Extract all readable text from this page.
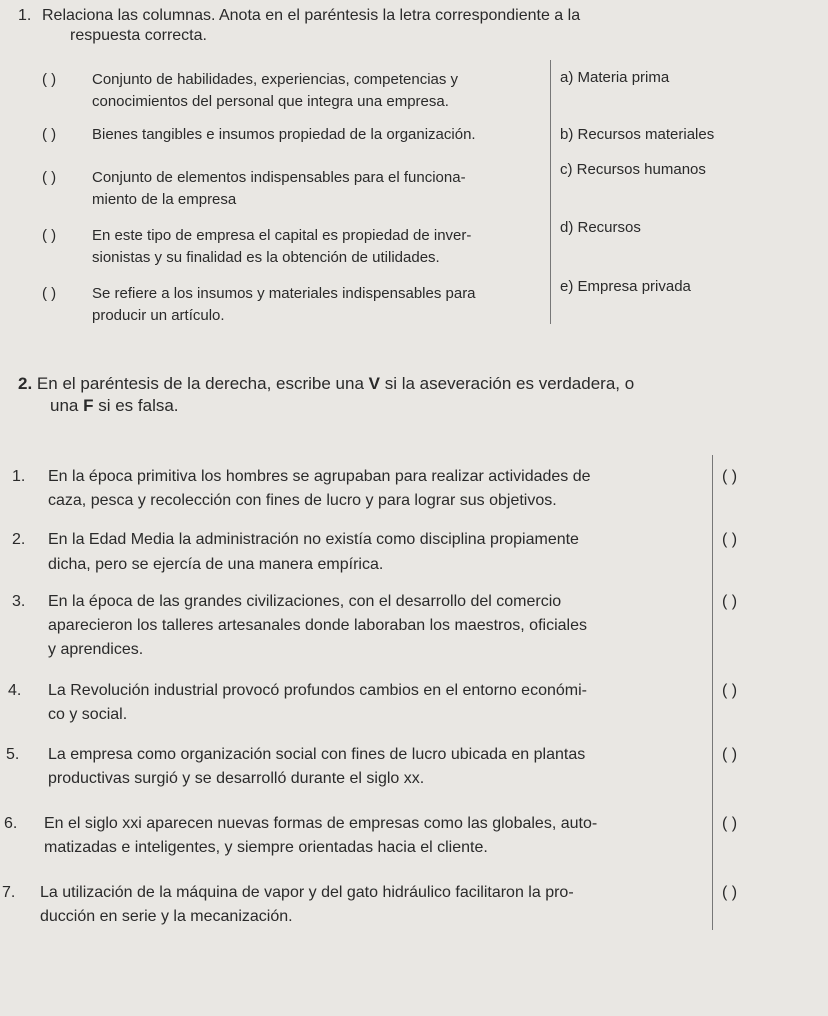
1. Relaciona las columnas. Anota en el paréntesis la letra correspondiente a la
respuesta correcta.
( ) Conjunto de habilidades, experiencias, competencias y
conocimientos del personal que integra una empresa.
( ) Bienes tangibles e insumos propiedad de la organización.
( ) Conjunto de elementos indispensables para el funciona-
miento de la empresa
( ) En este tipo de empresa el capital es propiedad de inver-
sionistas y su finalidad es la obtención de utilidades.
( ) Se refiere a los insumos y materiales indispensables para
producir un artículo.
a) Materia prima
b) Recursos materiales
c) Recursos humanos
d) Recursos
e) Empresa privada
2. En el paréntesis de la derecha, escribe una V si la aseveración es verdadera, o
una F si es falsa.
1. En la época primitiva los hombres se agrupaban para realizar actividades de
caza, pesca y recolección con fines de lucro y para lograr sus objetivos.
( )
2. En la Edad Media la administración no existía como disciplina propiamente
dicha, pero se ejercía de una manera empírica.
( )
3. En la época de las grandes civilizaciones, con el desarrollo del comercio
aparecieron los talleres artesanales donde laboraban los maestros, oficiales
y aprendices.
( )
4. La Revolución industrial provocó profundos cambios en el entorno económi-
co y social.
( )
5. La empresa como organización social con fines de lucro ubicada en plantas
productivas surgió y se desarrolló durante el siglo xx.
( )
6. En el siglo xxi aparecen nuevas formas de empresas como las globales, auto-
matizadas e inteligentes, y siempre orientadas hacia el cliente.
( )
7. La utilización de la máquina de vapor y del gato hidráulico facilitaron la pro-
ducción en serie y la mecanización.
( )
